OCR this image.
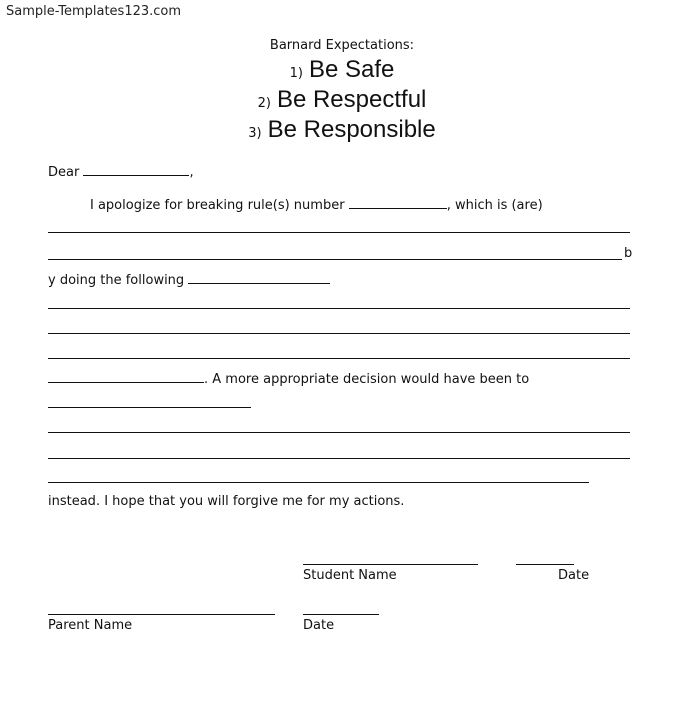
Sample-Templates123.com
Barnard Expectations:
1) Be Safe
2) Be Respectful
3) Be Responsible
Dear	,
I apologize for breaking rule(s) number	, which is (are)
b
y doing the following
. A more appropriate decision would have been to
instead. I hope that you will forgive me for my actions.
Student Name	Date
Parent Name	Date
